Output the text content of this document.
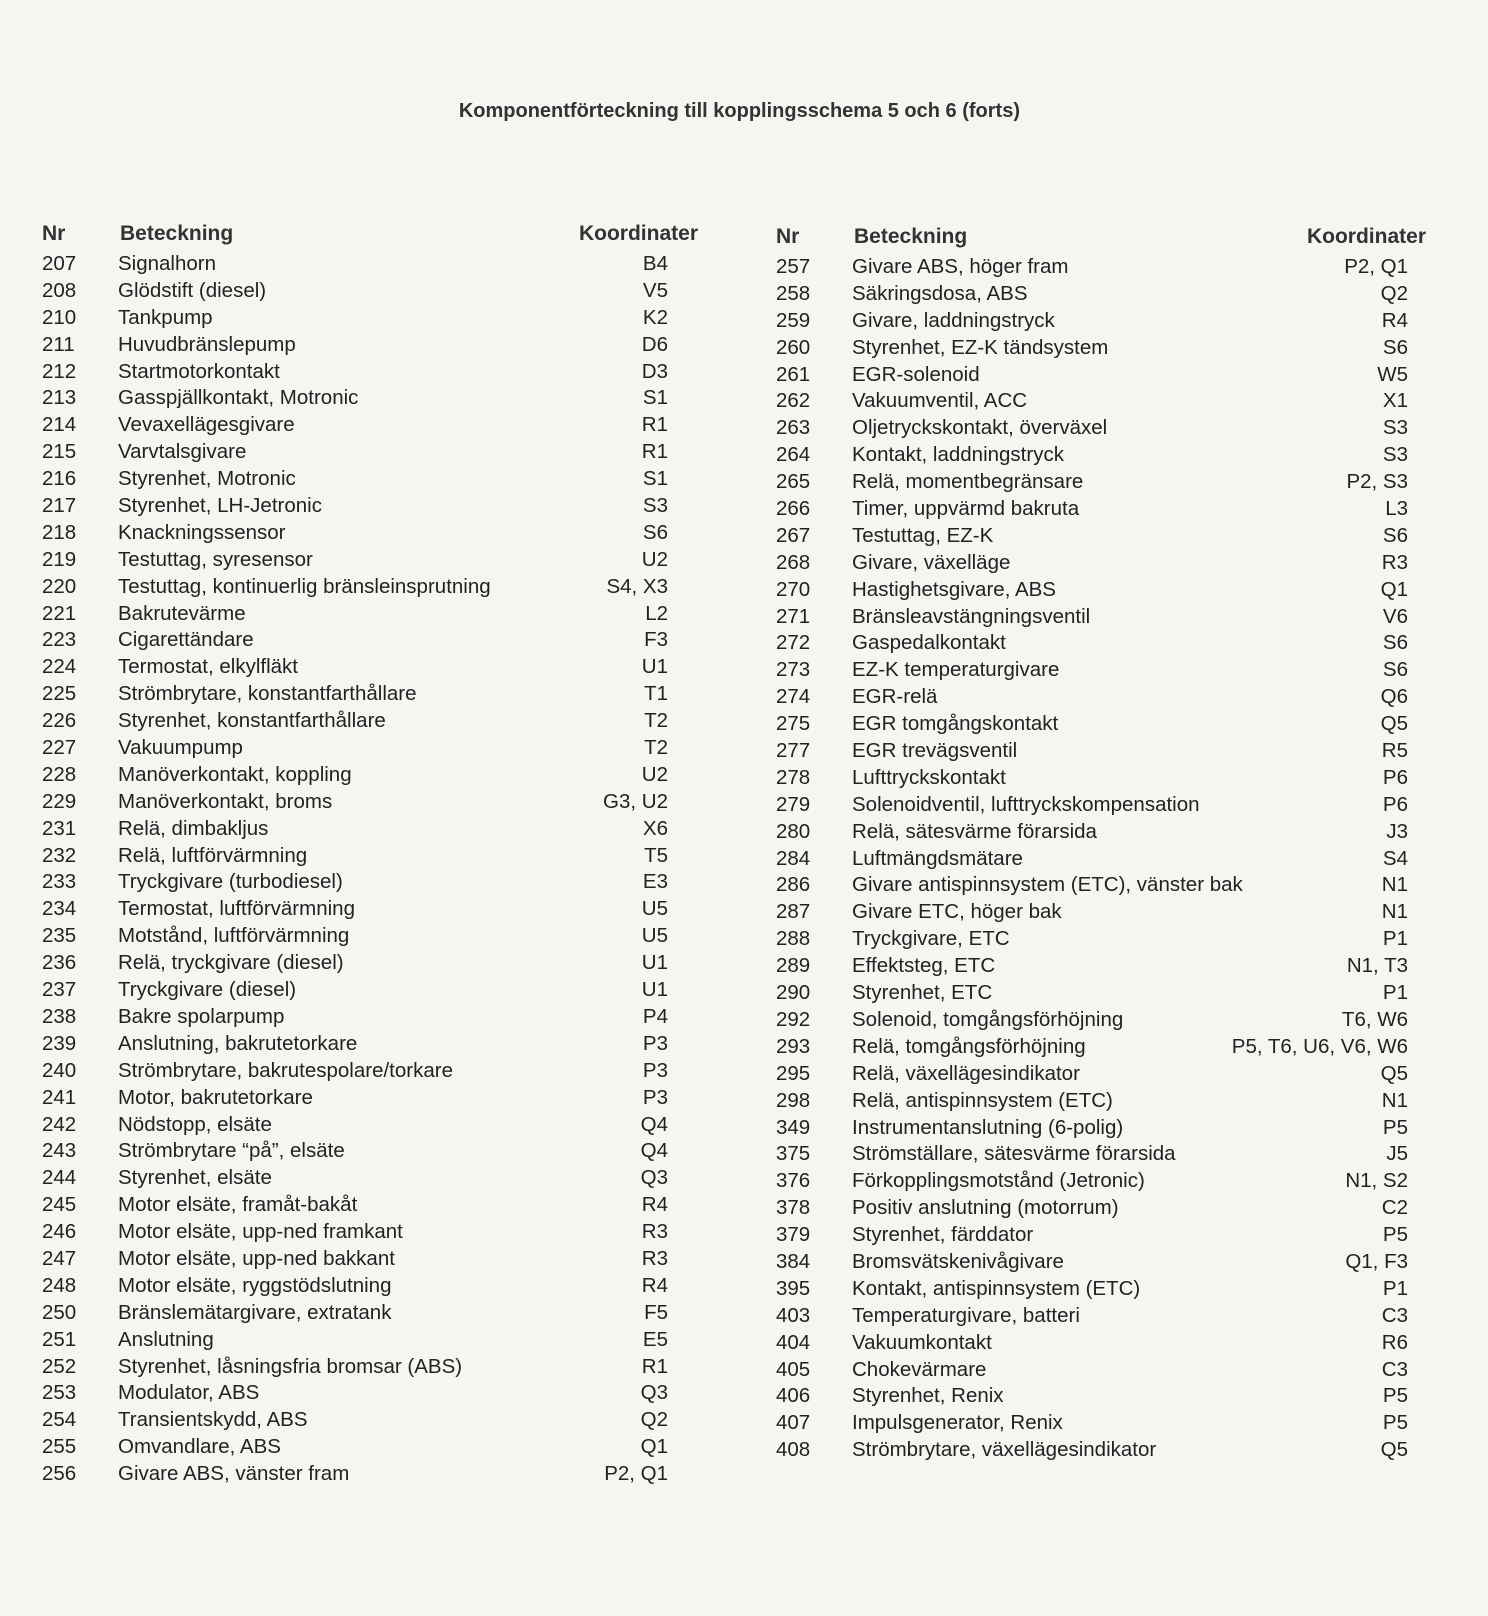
Komponentförteckning till kopplingsschema 5 och 6 (forts)
Nr	Beteckning	Koordinater
207	Signalhorn	B4
208	Glödstift (diesel)	V5
210	Tankpump	K2
211	Huvudbränslepump	D6
212	Startmotorkontakt	D3
213	Gasspjällkontakt, Motronic	S1
214	Vevaxellägesgivare	R1
215	Varvtalsgivare	R1
216	Styrenhet, Motronic	S1
217	Styrenhet, LH-Jetronic	S3
218	Knackningssensor	S6
219	Testuttag, syresensor	U2
220	Testuttag, kontinuerlig bränsleinsprutning	S4, X3
221	Bakrutevärme	L2
223	Cigarettändare	F3
224	Termostat, elkylfläkt	U1
225	Strömbrytare, konstantfarthållare	T1
226	Styrenhet, konstantfarthållare	T2
227	Vakuumpump	T2
228	Manöverkontakt, koppling	U2
229	Manöverkontakt, broms	G3, U2
231	Relä, dimbakljus	X6
232	Relä, luftförvärmning	T5
233	Tryckgivare (turbodiesel)	E3
234	Termostat, luftförvärmning	U5
235	Motstånd, luftförvärmning	U5
236	Relä, tryckgivare (diesel)	U1
237	Tryckgivare (diesel)	U1
238	Bakre spolarpump	P4
239	Anslutning, bakrutetorkare	P3
240	Strömbrytare, bakrutespolare/torkare	P3
241	Motor, bakrutetorkare	P3
242	Nödstopp, elsäte	Q4
243	Strömbrytare “på”, elsäte	Q4
244	Styrenhet, elsäte	Q3
245	Motor elsäte, framåt-bakåt	R4
246	Motor elsäte, upp-ned framkant	R3
247	Motor elsäte, upp-ned bakkant	R3
248	Motor elsäte, ryggstödslutning	R4
250	Bränslemätargivare, extratank	F5
251	Anslutning	E5
252	Styrenhet, låsningsfria bromsar (ABS)	R1
253	Modulator, ABS	Q3
254	Transientskydd, ABS	Q2
255	Omvandlare, ABS	Q1
256	Givare ABS, vänster fram	P2, Q1
Nr	Beteckning	Koordinater
257	Givare ABS, höger fram	P2, Q1
258	Säkringsdosa, ABS	Q2
259	Givare, laddningstryck	R4
260	Styrenhet, EZ-K tändsystem	S6
261	EGR-solenoid	W5
262	Vakuumventil, ACC	X1
263	Oljetryckskontakt, överväxel	S3
264	Kontakt, laddningstryck	S3
265	Relä, momentbegränsare	P2, S3
266	Timer, uppvärmd bakruta	L3
267	Testuttag, EZ-K	S6
268	Givare, växelläge	R3
270	Hastighetsgivare, ABS	Q1
271	Bränsleavstängningsventil	V6
272	Gaspedalkontakt	S6
273	EZ-K temperaturgivare	S6
274	EGR-relä	Q6
275	EGR tomgångskontakt	Q5
277	EGR trevägsventil	R5
278	Lufttryckskontakt	P6
279	Solenoidventil, lufttryckskompensation	P6
280	Relä, sätesvärme förarsida	J3
284	Luftmängdsmätare	S4
286	Givare antispinnsystem (ETC), vänster bak	N1
287	Givare ETC, höger bak	N1
288	Tryckgivare, ETC	P1
289	Effektsteg, ETC	N1, T3
290	Styrenhet, ETC	P1
292	Solenoid, tomgångsförhöjning	T6, W6
293	Relä, tomgångsförhöjning	P5, T6, U6, V6, W6
295	Relä, växellägesindikator	Q5
298	Relä, antispinnsystem (ETC)	N1
349	Instrumentanslutning (6-polig)	P5
375	Strömställare, sätesvärme förarsida	J5
376	Förkopplingsmotstånd (Jetronic)	N1, S2
378	Positiv anslutning (motorrum)	C2
379	Styrenhet, färddator	P5
384	Bromsvätskenivågivare	Q1, F3
395	Kontakt, antispinnsystem (ETC)	P1
403	Temperaturgivare, batteri	C3
404	Vakuumkontakt	R6
405	Chokevärmare	C3
406	Styrenhet, Renix	P5
407	Impulsgenerator, Renix	P5
408	Strömbrytare, växellägesindikator	Q5
